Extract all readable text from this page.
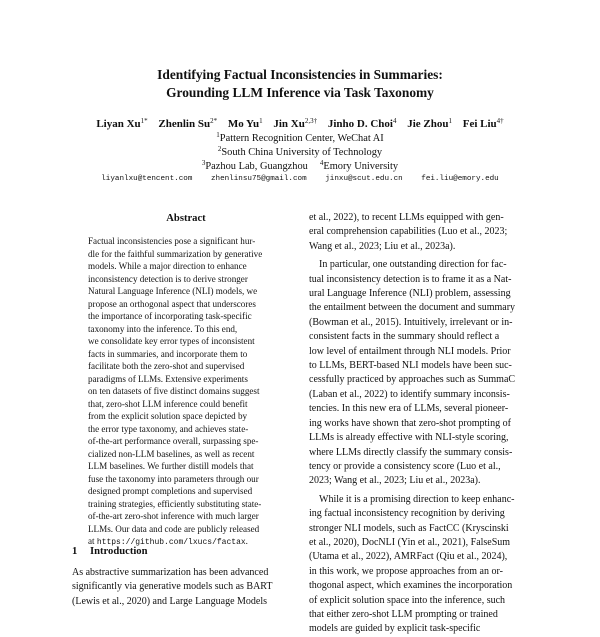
Identifying Factual Inconsistencies in Summaries:
Grounding LLM Inference via Task Taxonomy
Liyan $Xu^{1*}$ Zhenlin $Su^{2*}$ Mo Yu$^1$ Jin $Xu^{2,3\dagger}$ Jinho D. Choi$^4$ Jie Zhou$^1$ Fei Liu$^{4\dagger}$
$^1$Pattern Recognition Center, WeChat AI
$^2$South China University of Technology
$^3$Pazhou Lab, Guangzhou $^4$Emory University
liyanlxu@tencent.com zhenlinsu75@gmail.com jinxu@scut.edu.cn fei.liu@emory.edu
Abstract
Factual inconsistencies pose a significant hur-
dle for the faithful summarization by generative
models. While a major direction to enhance
inconsistency detection is to derive stronger
Natural Language Inference (NLI) models, we
propose an orthogonal aspect that underscores
the importance of incorporating task-specific
taxonomy into the inference. To this end,
we consolidate key error types of inconsistent
facts in summaries, and incorporate them to
facilitate both the zero-shot and supervised
paradigms of LLMs. Extensive experiments
on ten datasets of five distinct domains suggest
that, zero-shot LLM inference could benefit
from the explicit solution space depicted by
the error type taxonomy, and achieves state-
of-the-art performance overall, surpassing spe-
cialized non-LLM baselines, as well as recent
LLM baselines. We further distill models that
fuse the taxonomy into parameters through our
designed prompt completions and supervised
training strategies, efficiently substituting state-
of-the-art zero-shot inference with much larger
LLMs. Our data and code are publicly released
at https://github.com/lxucs/factax.
1 Introduction
As abstractive summarization has been advanced
significantly via generative models such as BART
(Lewis et al., 2020) and Large Language Models
et al., 2022), to recent LLMs equipped with gen-
eral comprehension capabilities (Luo et al., 2023;
Wang et al., 2023; Liu et al., 2023a).
In particular, one outstanding direction for fac-
tual inconsistency detection is to frame it as a Nat-
ural Language Inference (NLI) problem, assessing
the entailment between the document and summary
(Bowman et al., 2015). Intuitively, irrelevant or in-
consistent facts in the summary should reflect a
low level of entailment through NLI models. Prior
to LLMs, BERT-based NLI models have been suc-
cessfully practiced by approaches such as SummaC
(Laban et al., 2022) to identify summary inconsis-
tencies. In this new era of LLMs, several pioneer-
ing works have shown that zero-shot prompting of
LLMs is already effective with NLI-style scoring,
where LLMs directly classify the summary consis-
tency or provide a consistency score (Luo et al.,
2023; Wang et al., 2023; Liu et al., 2023a).
While it is a promising direction to keep enhanc-
ing factual inconsistency recognition by deriving
stronger NLI models, such as FactCC (Kryscinski
et al., 2020), DocNLI (Yin et al., 2021), FalseSum
(Utama et al., 2022), AMRFact (Qiu et al., 2024),
in this work, we propose approaches from an or-
thogonal aspect, which examines the incorporation
of explicit solution space into the inference, such
that either zero-shot LLM prompting or trained
models are guided by explicit task-specific
